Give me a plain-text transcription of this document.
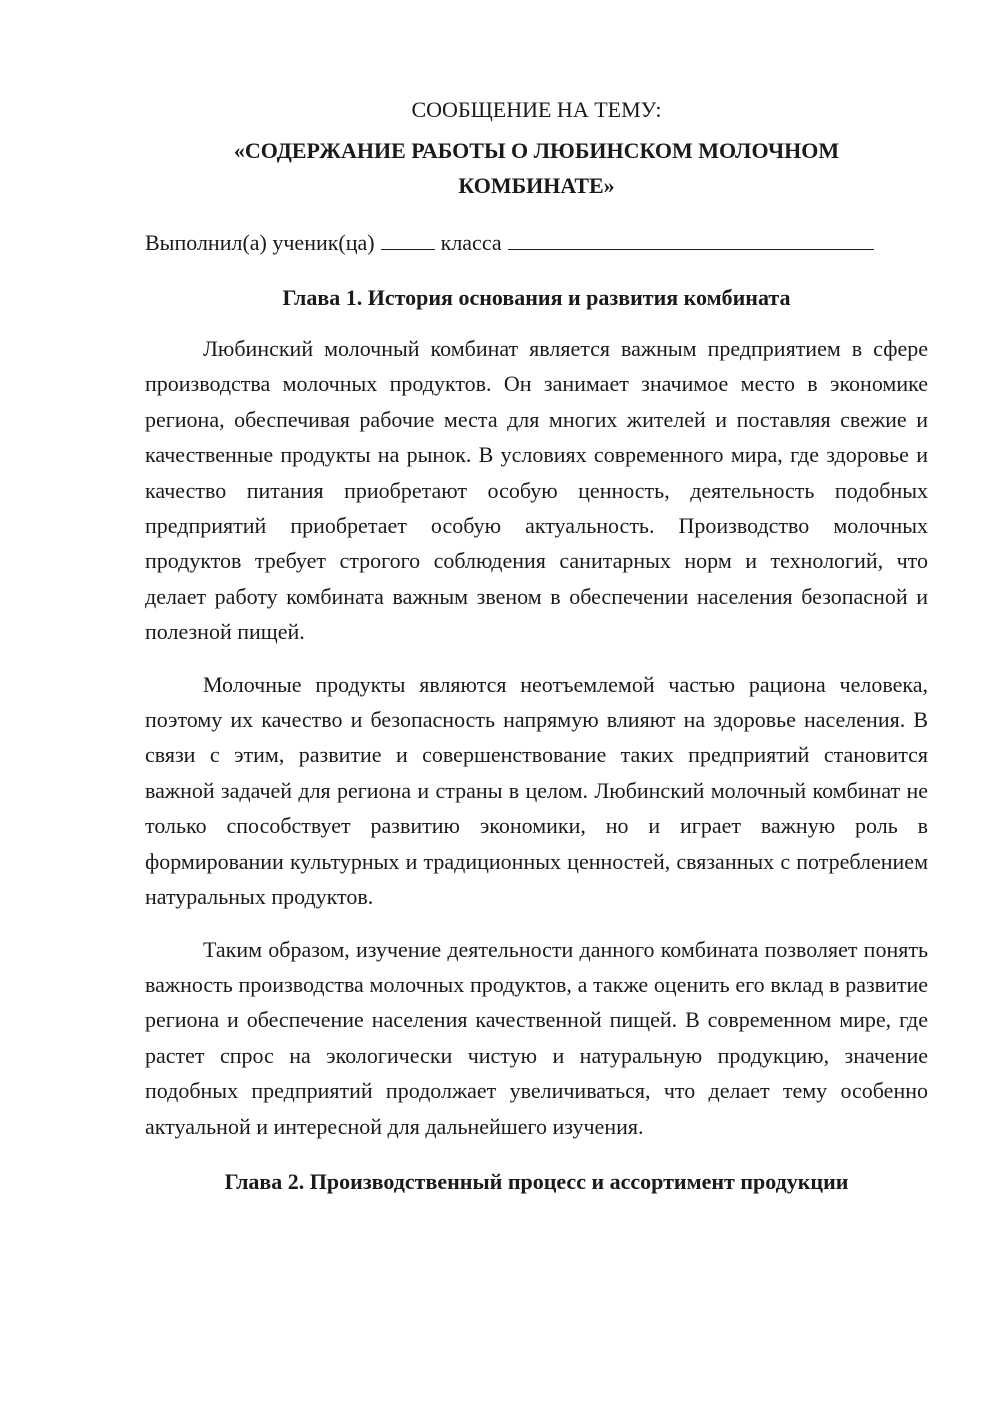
СООБЩЕНИЕ НА ТЕМУ:

«СОДЕРЖАНИЕ РАБОТЫ О ЛЮБИНСКОМ МОЛОЧНОМ

КОМБИНАТЕ»

Выполнил(а) ученик(ца)	класса

Глава 1. История основания и развития комбината

Любинский молочный комбинат является важным предприятием в сфере производства молочных продуктов. Он занимает значимое место в экономике региона, обеспечивая рабочие места для многих жителей и поставляя свежие и качественные продукты на рынок. В условиях современного мира, где здоровье и качество питания приобретают особую ценность, деятельность подобных предприятий приобретает особую актуальность. Производство молочных продуктов требует строгого соблюдения санитарных норм и технологий, что делает работу комбината важным звеном в обеспечении населения безопасной и полезной пищей.

Молочные продукты являются неотъемлемой частью рациона человека, поэтому их качество и безопасность напрямую влияют на здоровье населения. В связи с этим, развитие и совершенствование таких предприятий становится важной задачей для региона и страны в целом. Любинский молочный комбинат не только способствует развитию экономики, но и играет важную роль в формировании культурных и традиционных ценностей, связанных с потреблением натуральных продуктов.

Таким образом, изучение деятельности данного комбината позволяет понять важность производства молочных продуктов, а также оценить его вклад в развитие региона и обеспечение населения качественной пищей. В современном мире, где растет спрос на экологически чистую и натуральную продукцию, значение подобных предприятий продолжает увеличиваться, что делает тему особенно актуальной и интересной для дальнейшего изучения.

Глава 2. Производственный процесс и ассортимент продукции
